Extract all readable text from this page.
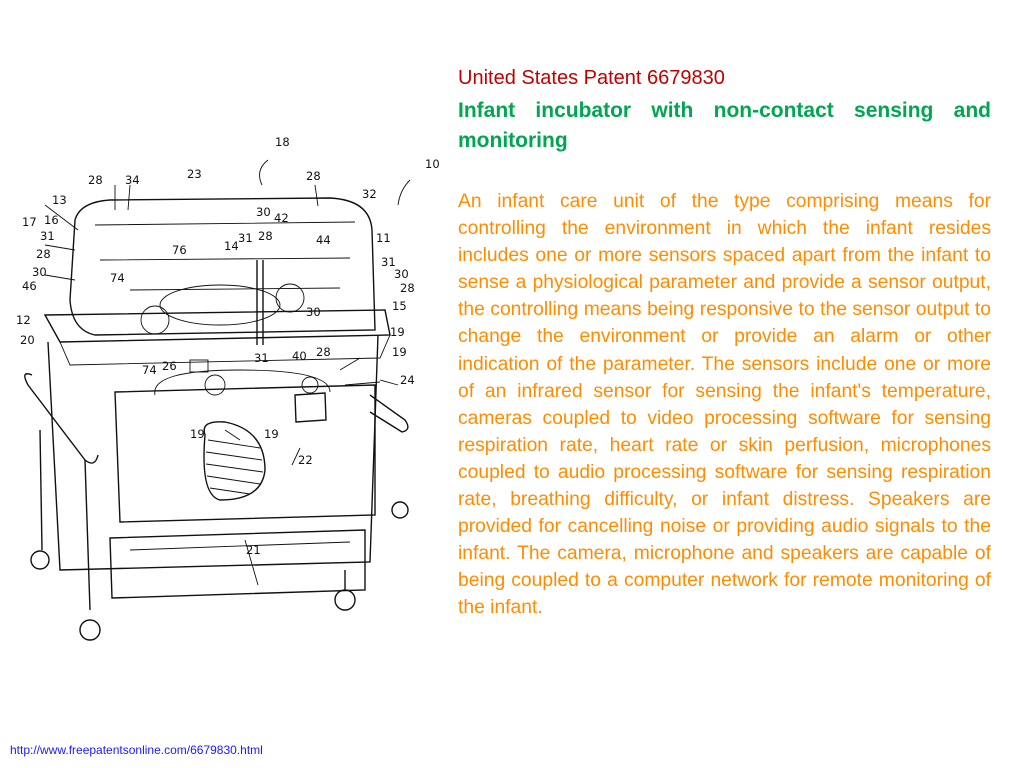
18
10
28 34	23	28
32
13
17 16
31
28
30
46
30 42
28
14
31
76
74
44	11
31
30
28
15
12
20
74 26
31 40 28
30
19
19
24
19	19
22
21
United States Patent 6679830
Infant incubator with non-contact sensing and monitoring
An infant care unit of the type comprising means for controlling the environment in which the infant resides includes one or more sensors spaced apart from the infant to sense a physiological parameter and provide a sensor output, the controlling means being responsive to the sensor output to change the environment or provide an alarm or other indication of the parameter. The sensors include one or more of an infrared sensor for sensing the infant's temperature, cameras coupled to video processing software for sensing respiration rate, heart rate or skin perfusion, microphones coupled to audio processing software for sensing respiration rate, breathing difficulty, or infant distress. Speakers are provided for cancelling noise or providing audio signals to the infant. The camera, microphone and speakers are capable of being coupled to a computer network for remote monitoring of the infant.
http://www.freepatentsonline.com/6679830.html
